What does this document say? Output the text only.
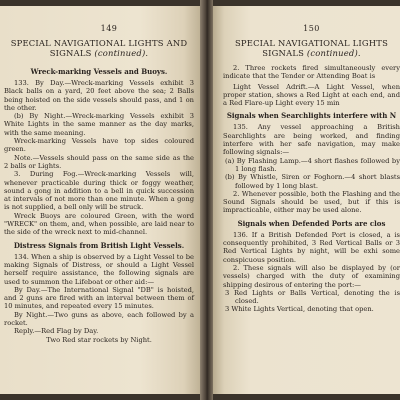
149
SPECIAL NAVIGATIONAL LIGHTS AND
SIGNALS (continued).
Wreck-marking Vessels and Buoys.

133. By Day.—Wreck-marking Vessels exhibit 3 Black balls on a yard, 20 feet above the sea; 2 Balls being hoisted on the side vessels should pass, and 1 on the other.

(b) By Night.—Wreck-marking Vessels exhibit 3 White Lights in the same manner as the day marks, with the same meaning.

Wreck-marking Vessels have top sides coloured green.

Note.—Vessels should pass on the same side as the 2 balls or Lights.

3. During Fog.—Wreck-marking Vessels will, whenever practicable during thick or foggy weather, sound a gong in addition to a bell in quick succession at intervals of not more than one minute. When a gong is not supplied, a bell only will be struck.

Wreck Buoys are coloured Green, with the word "WRECK" on them, and, when possible, are laid near to the side of the wreck next to mid-channel.

Distress Signals from British Light Vessels.

134. When a ship is observed by a Light Vessel to be making Signals of Distress, or should a Light Vessel herself require assistance, the following signals are used to summon the Lifeboat or other aid:—

By Day.—The International Signal "DB" is hoisted, and 2 guns are fired with an interval between them of 10 minutes, and repeated every 15 minutes.

By Night.—Two guns as above, each followed by a rocket.

Reply.—Red Flag by Day.

Two Red star rockets by Night.

150
SPECIAL NAVIGATIONAL LIGHTS
SIGNALS (continued).

2. Three rockets fired simultaneously every indicate that the Tender or Attending Boat is

Light Vessel Adrift.—A Light Vessel, when proper station, shows a Red Light at each end, and a Red Flare-up Light every 15 min

Signals when Searchlights interfere with N

135. Any vessel approaching a British Searchlights are being worked, and finding interfere with her safe navigation, may make following signals:—

(a) By Flashing Lamp.—4 short flashes followed by 1 long flash.

(b) By Whistle, Siren or Foghorn.—4 short blasts followed by 1 long blast.

2. Whenever possible, both the Flashing and the Sound Signals should be used, but if this is impracticable, either may be used alone.

Signals when Defended Ports are clos

136. If a British Defended Port is closed, a is consequently prohibited, 3 Red Vertical Balls or 3 Red Vertical Lights by night, will be exhi some conspicuous position.

2. These signals will also be displayed by (or vessels) charged with the duty of examining shipping desirous of entering the port:—

3 Red Lights or Balls Vertical, denoting the is closed.

3 White Lights Vertical, denoting that open.
